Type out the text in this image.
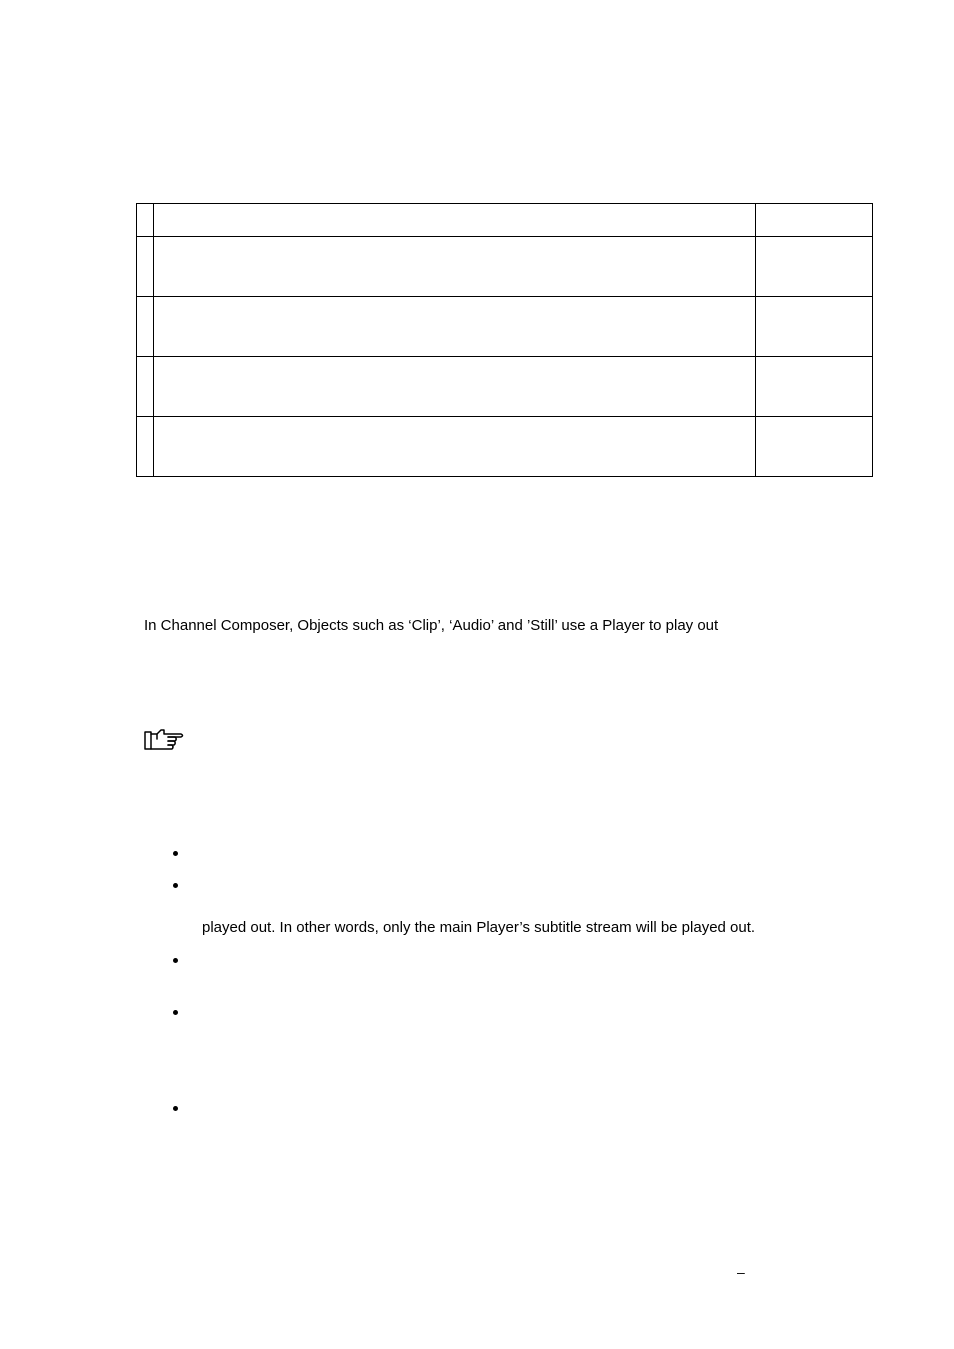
In Channel Composer, Objects such as ‘Clip’, ‘Audio’ and ’Still’ use a Player to play out
played out. In other words, only the main Player’s subtitle stream will be played out.
–
